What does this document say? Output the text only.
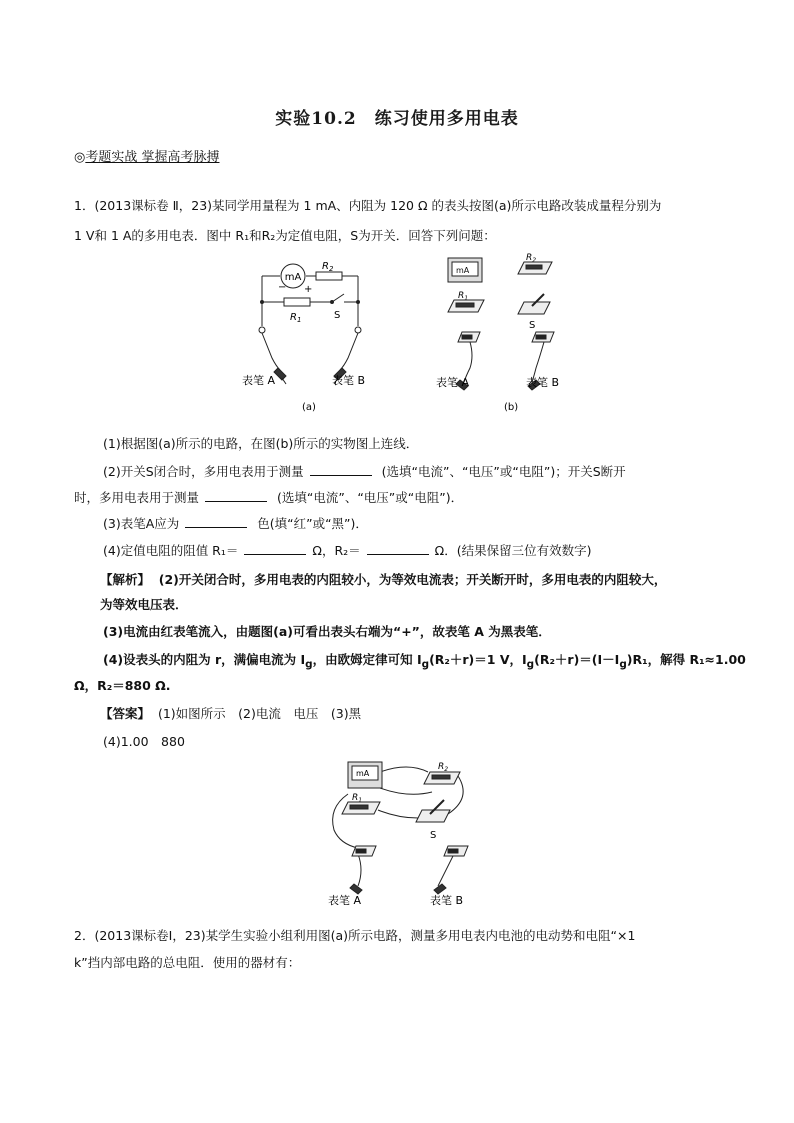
实验10.2　练习使用多用电表
◎考题实战 掌握高考脉搏
1．(2013课标卷 Ⅱ，23)某同学用量程为 1 mA、内阻为 120 Ω 的表头按图(a)所示电路改装成量程分别为
1 V和 1 A的多用电表．图中 R₁和R₂为定值电阻，S为开关．回答下列问题：
mA
− +
$R_2$
$R_1$	S
表笔 A	表笔 B
(a)
mA
$R_2$
$R_1$
S
表笔 A	表笔 B
(b)
(1)根据图(a)所示的电路，在图(b)所示的实物图上连线．
(2)开关S闭合时，多用电表用于测量	(选填“电流”、“电压”或“电阻”)；开关S断开
时，多用电表用于测量	(选填“电流”、“电压”或“电阻”)．
(3)表笔A应为	色(填“红”或“黑”)．
(4)定值电阻的阻值 R₁＝	Ω，R₂＝	Ω．(结果保留三位有效数字)
【解析】 (2)开关闭合时，多用电表的内阻较小，为等效电流表；开关断开时，多用电表的内阻较大，
为等效电压表．
(3)电流由红表笔流入，由题图(a)可看出表头右端为“+”，故表笔 A 为黑表笔．
(4)设表头的内阻为 r，满偏电流为 $I_g$，由欧姆定律可知 $I_g(R_2+r)=1$ V，$I_g(R_2+r)=(I-I_g)R_1$，解得 R₁≈1.00
Ω，R₂＝880 Ω.
【答案】 (1)如图所示　(2)电流　电压　(3)黑
(4)1.00　880
mA
$R_2$
$R_1$
S
表笔 A	表笔 B
2．(2013课标卷Ⅰ，23)某学生实验小组利用图(a)所示电路，测量多用电表内电池的电动势和电阻“×1
k”挡内部电路的总电阻．使用的器材有：
